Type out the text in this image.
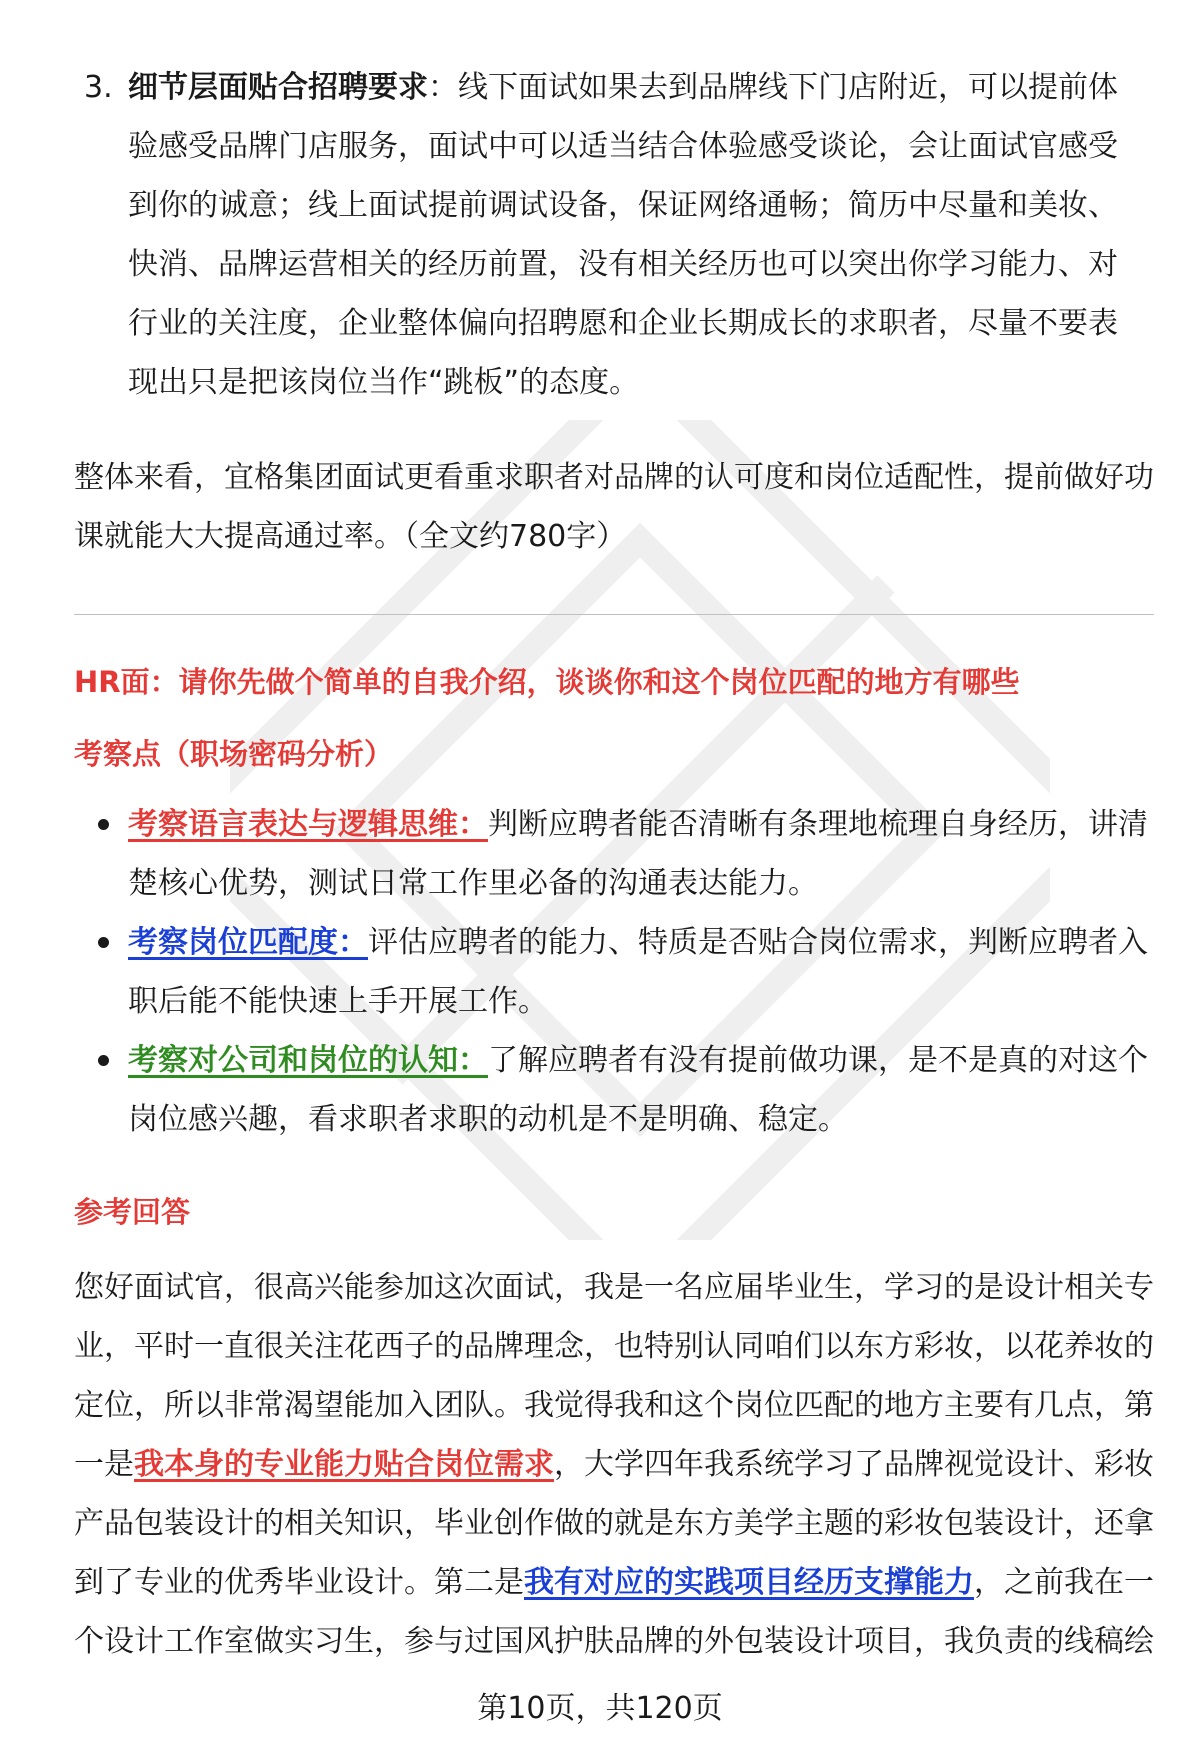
3. 细节层面贴合招聘要求：线下面试如果去到品牌线下门店附近，可以提前体验感受品牌门店服务，面试中可以适当结合体验感受谈论，会让面试官感受到你的诚意；线上面试提前调试设备，保证网络通畅；简历中尽量和美妆、快消、品牌运营相关的经历前置，没有相关经历也可以突出你学习能力、对行业的关注度，企业整体偏向招聘愿和企业长期成长的求职者，尽量不要表现出只是把该岗位当作“跳板”的态度。
整体来看，宜格集团面试更看重求职者对品牌的认可度和岗位适配性，提前做好功课就能大大提高通过率。（全文约780字）
HR面：请你先做个简单的自我介绍，谈谈你和这个岗位匹配的地方有哪些
考察点（职场密码分析）
考察语言表达与逻辑思维：判断应聘者能否清晰有条理地梳理自身经历，讲清楚核心优势，测试日常工作里必备的沟通表达能力。
考察岗位匹配度：评估应聘者的能力、特质是否贴合岗位需求，判断应聘者入职后能不能快速上手开展工作。
考察对公司和岗位的认知：了解应聘者有没有提前做功课，是不是真的对这个岗位感兴趣，看求职者求职的动机是不是明确、稳定。
参考回答
您好面试官，很高兴能参加这次面试，我是一名应届毕业生，学习的是设计相关专业，平时一直很关注花西子的品牌理念，也特别认同咱们以东方彩妆，以花养妆的定位，所以非常渴望能加入团队。我觉得我和这个岗位匹配的地方主要有几点，第一是我本身的专业能力贴合岗位需求，大学四年我系统学习了品牌视觉设计、彩妆产品包装设计的相关知识，毕业创作做的就是东方美学主题的彩妆包装设计，还拿到了专业的优秀毕业设计。第二是我有对应的实践项目经历支撑能力，之前我在一个设计工作室做实习生，参与过国风护肤品牌的外包装设计项目，我负责的线稿绘
第10页，共120页
